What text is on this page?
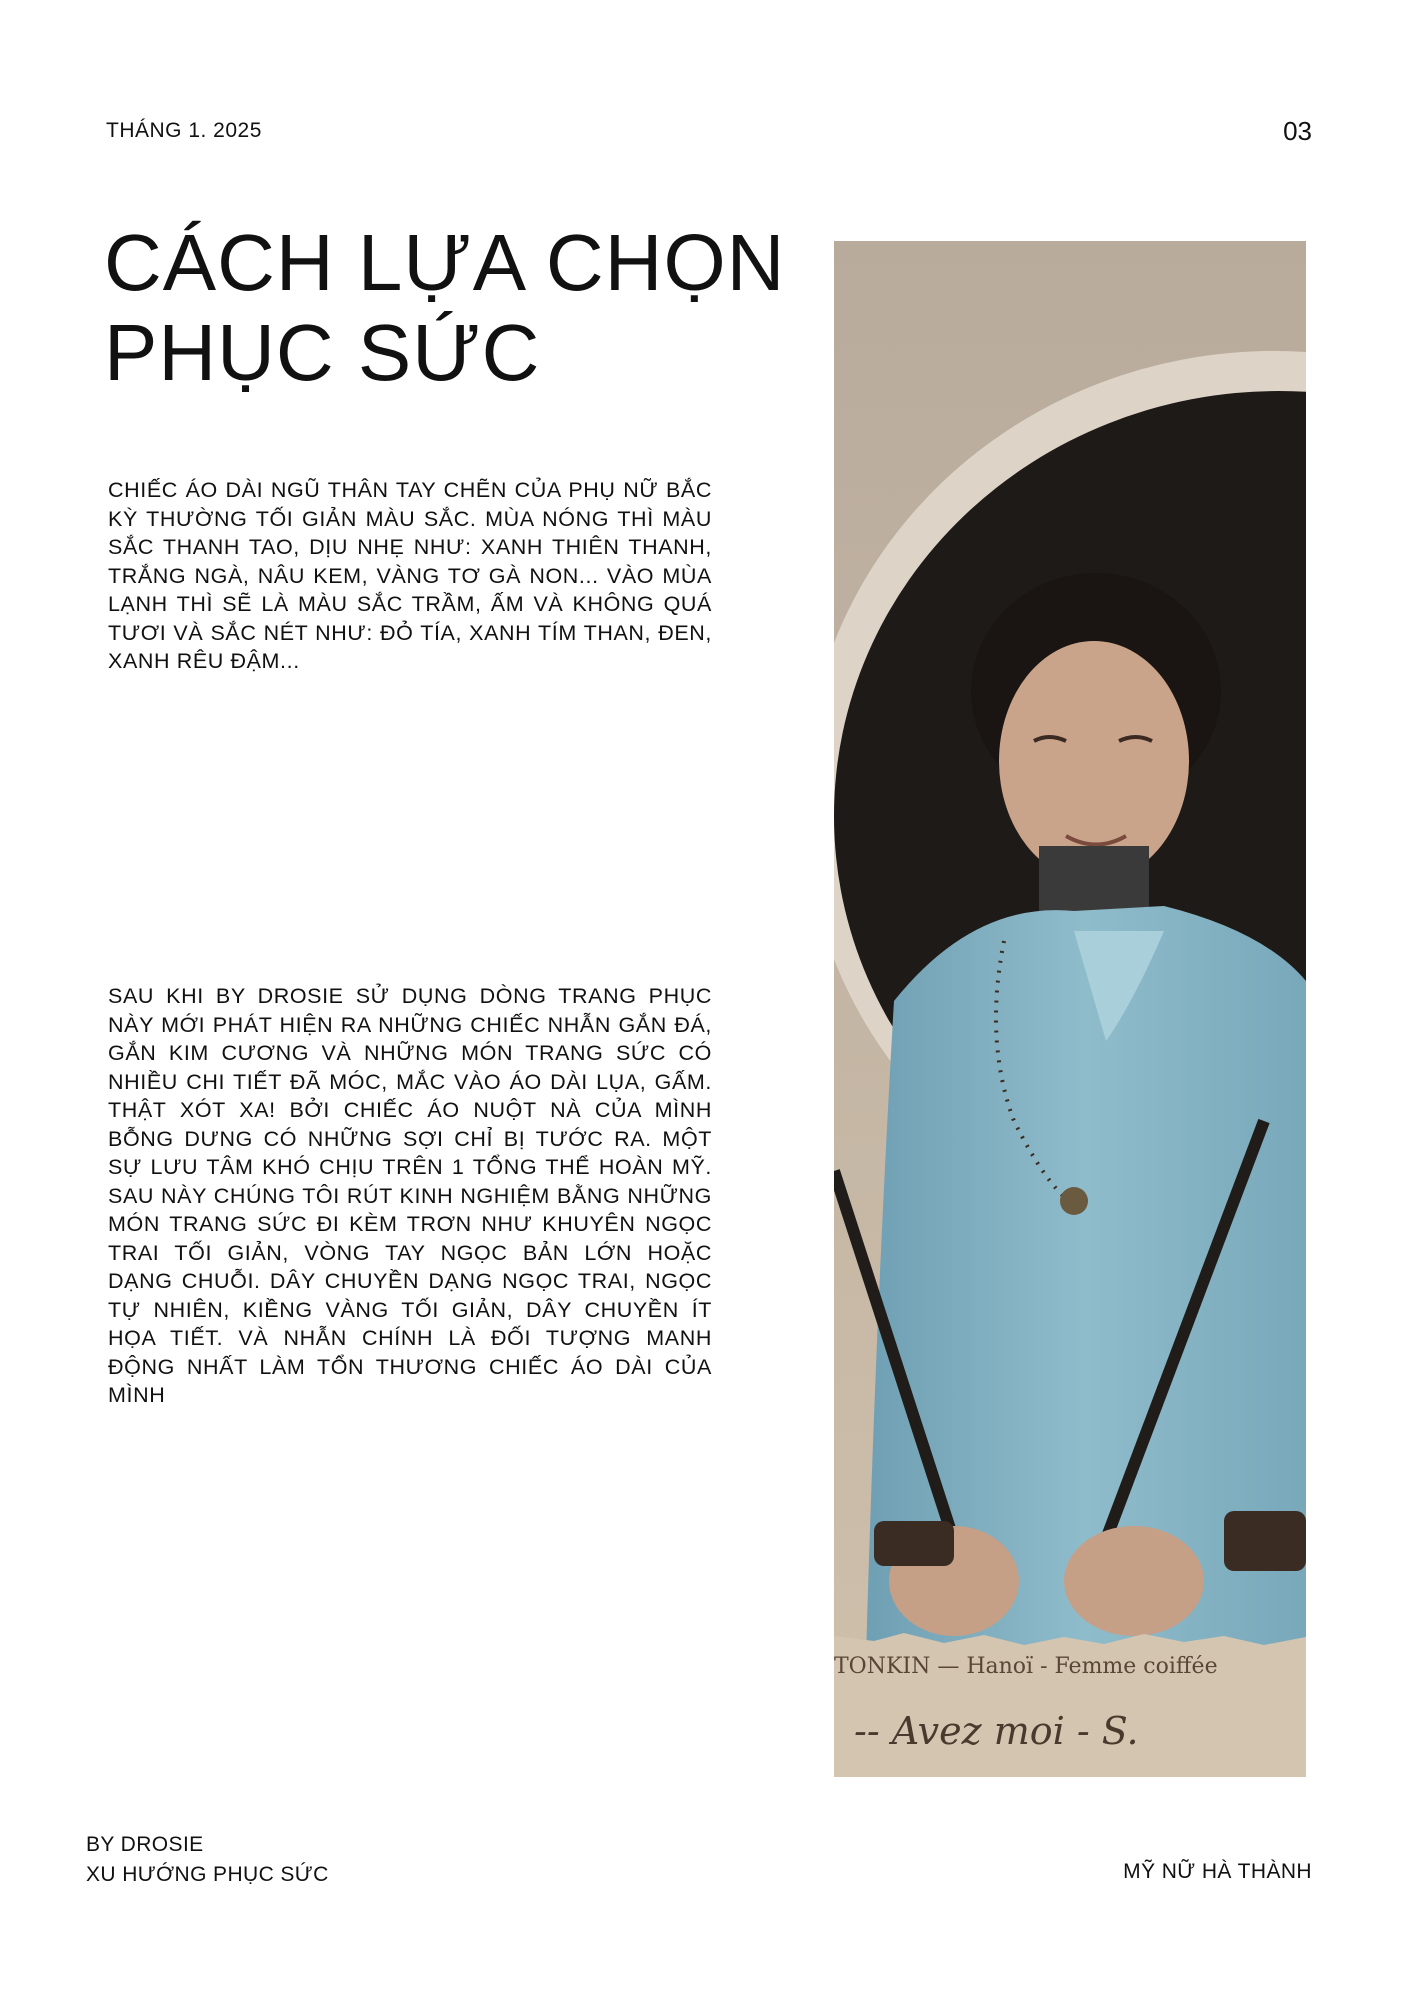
THÁNG 1. 2025	03
CÁCH LỰA CHỌN
PHỤC SỨC

CHIẾC ÁO DÀI NGŨ THÂN TAY CHẼN CỦA PHỤ NỮ BẮC KỲ THƯỜNG TỐI GIẢN MÀU SẮC. MÙA NÓNG THÌ MÀU SẮC THANH TAO, DỊU NHẸ NHƯ: XANH THIÊN THANH, TRẮNG NGÀ, NÂU KEM, VÀNG TƠ GÀ NON... VÀO MÙA LẠNH THÌ SẼ LÀ MÀU SẮC TRẦM, ẤM VÀ KHÔNG QUÁ TƯƠI VÀ SẮC NÉT NHƯ: ĐỎ TÍA, XANH TÍM THAN, ĐEN, XANH RÊU ĐẬM...

SAU KHI BY DROSIE SỬ DỤNG DÒNG TRANG PHỤC NÀY MỚI PHÁT HIỆN RA NHỮNG CHIẾC NHẪN GẮN ĐÁ, GẮN KIM CƯƠNG VÀ NHỮNG MÓN TRANG SỨC CÓ NHIỀU CHI TIẾT ĐÃ MÓC, MẮC VÀO ÁO DÀI LỤA, GẤM. THẬT XÓT XA! BỞI CHIẾC ÁO NUỘT NÀ CỦA MÌNH BỖNG DƯNG CÓ NHỮNG SỢI CHỈ BỊ TƯỚC RA. MỘT SỰ LƯU TÂM KHÓ CHỊU TRÊN 1 TỔNG THỂ HOÀN MỸ. SAU NÀY CHÚNG TÔI RÚT KINH NGHIỆM BẰNG NHỮNG MÓN TRANG SỨC ĐI KÈM TRƠN NHƯ KHUYÊN NGỌC TRAI TỐI GIẢN, VÒNG TAY NGỌC BẢN LỚN HOẶC DẠNG CHUỖI. DÂY CHUYỀN DẠNG NGỌC TRAI, NGỌC TỰ NHIÊN, KIỀNG VÀNG TỐI GIẢN, DÂY CHUYỀN ÍT HỌA TIẾT. VÀ NHẪN CHÍNH LÀ ĐỐI TƯỢNG MANH ĐỘNG NHẤT LÀM TỔN THƯƠNG CHIẾC ÁO DÀI CỦA MÌNH

TONKIN — Hanoï - Femme coiffée
-- Avez moi - S.
BY DROSIE
XU HƯỚNG PHỤC SỨC	MỸ NỮ HÀ THÀNH
